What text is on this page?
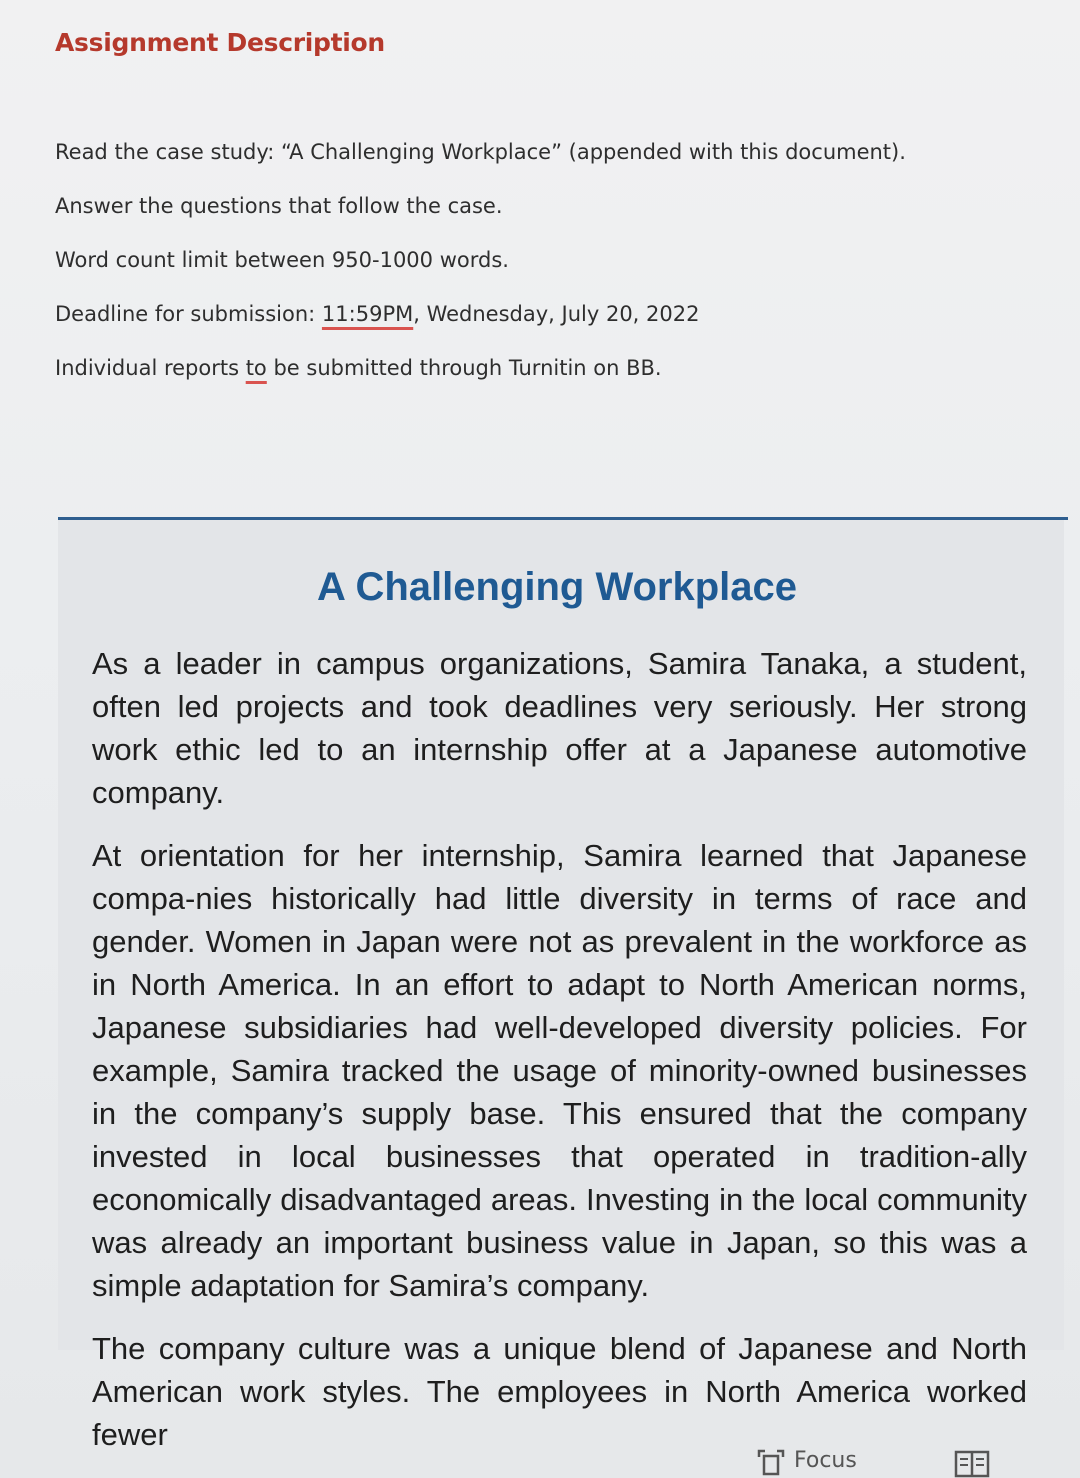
Assignment Description
Read the case study: “A Challenging Workplace” (appended with this document).
Answer the questions that follow the case.
Word count limit between 950-1000 words.
Deadline for submission: 11:59PM, Wednesday, July 20, 2022
Individual reports to be submitted through Turnitin on BB.
A Challenging Workplace

As a leader in campus organizations, Samira Tanaka, a student, often led projects and took deadlines very seriously. Her strong work ethic led to an internship offer at a Japanese automotive company.

At orientation for her internship, Samira learned that Japanese compa-nies historically had little diversity in terms of race and gender. Women in Japan were not as prevalent in the workforce as in North America. In an effort to adapt to North American norms, Japanese subsidiaries had well-developed diversity policies. For example, Samira tracked the usage of minority-owned businesses in the company’s supply base. This ensured that the company invested in local businesses that operated in tradition-ally economically disadvantaged areas. Investing in the local community was already an important business value in Japan, so this was a simple adaptation for Samira’s company.

The company culture was a unique blend of Japanese and North American work styles. The employees in North America worked fewer

Focus
